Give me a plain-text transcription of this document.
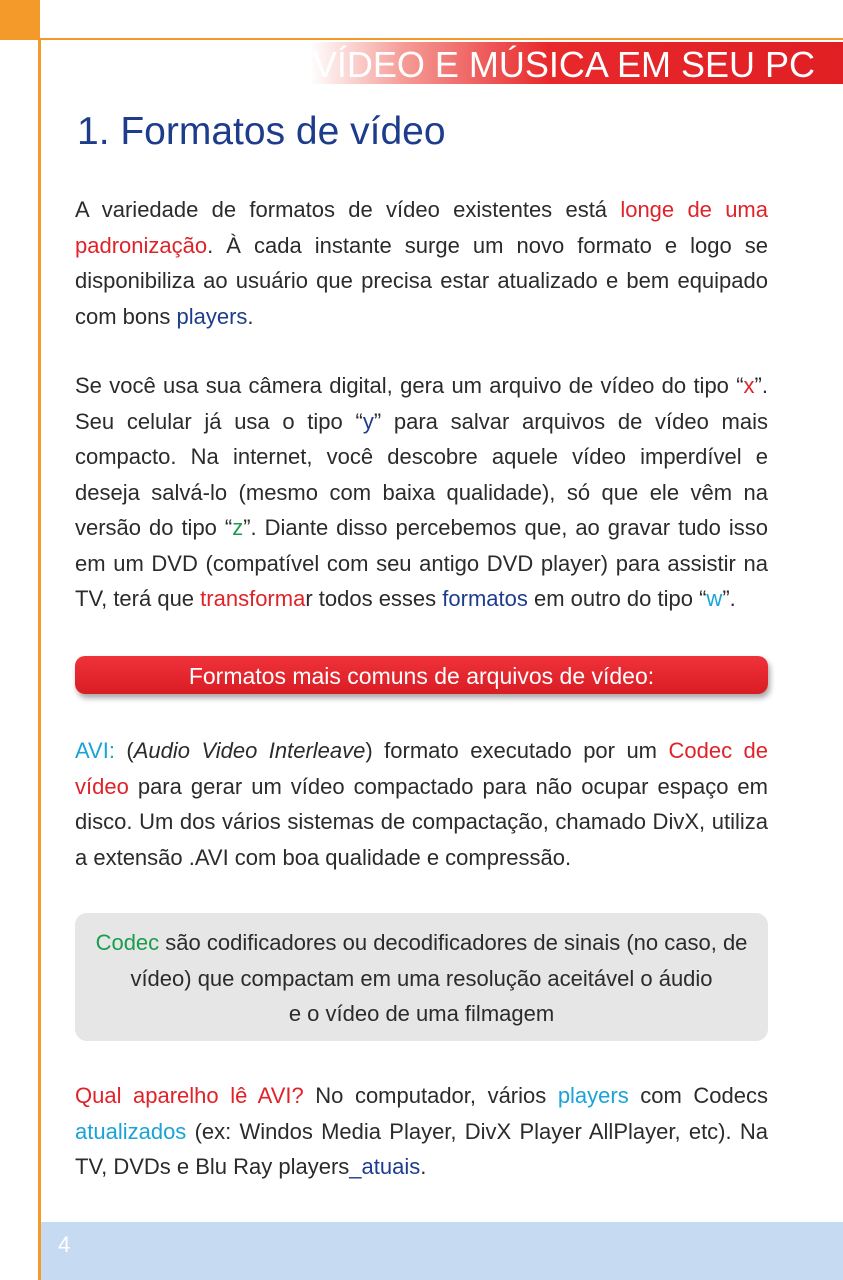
VÍDEO E MÚSICA EM SEU PC
1. Formatos de vídeo

A variedade de formatos de vídeo existentes está longe de uma padronização. À cada instante surge um novo formato e logo se disponibiliza ao usuário que precisa estar atualizado e bem equipado com bons players.

Se você usa sua câmera digital, gera um arquivo de vídeo do tipo “x”. Seu celular já usa o tipo “y” para salvar arquivos de vídeo mais compacto. Na internet, você descobre aquele vídeo imperdível e deseja salvá-lo (mesmo com baixa qualidade), só que ele vêm na versão do tipo “z”. Diante disso percebemos que, ao gravar tudo isso em um DVD (compatível com seu antigo DVD player) para assistir na TV, terá que transformar todos esses formatos em outro do tipo “w”.

Formatos mais comuns de arquivos de vídeo:

AVI: (Audio Video Interleave) formato executado por um Codec de vídeo para gerar um vídeo compactado para não ocupar espaço em disco. Um dos vários sistemas de compactação, chamado DivX, utiliza a extensão .AVI com boa qualidade e compressão.

Codec são codificadores ou decodificadores de sinais (no caso, de
vídeo) que compactam em uma resolução aceitável o áudio
e o vídeo de uma filmagem

Qual aparelho lê AVI? No computador, vários players com Codecs atualizados (ex: Windos Media Player, DivX Player AllPlayer, etc). Na TV, DVDs e Blu Ray players_atuais.

4
